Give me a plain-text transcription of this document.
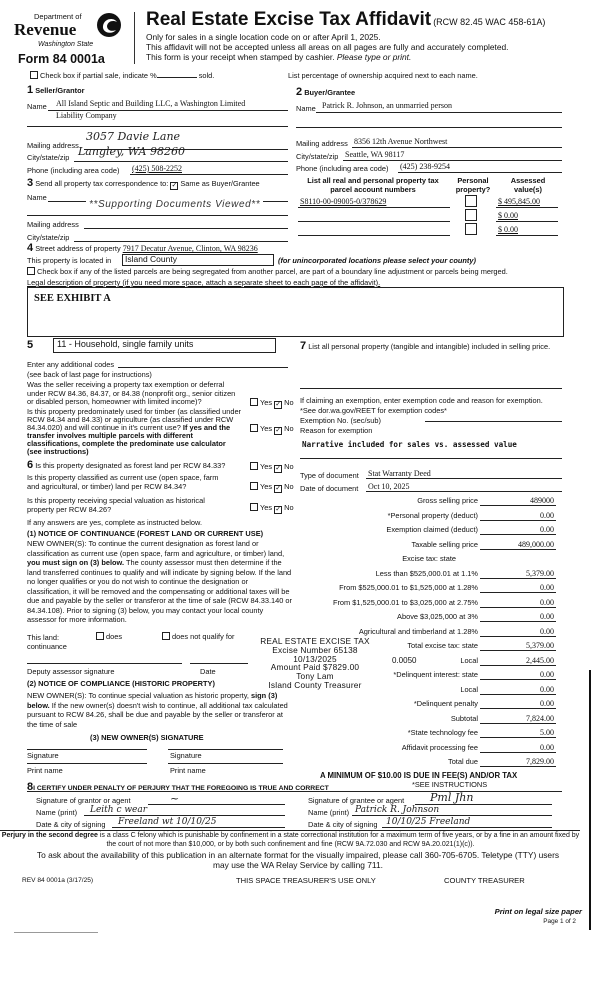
Department of
Revenue
Washington State
Form 84 0001a
Real Estate Excise Tax Affidavit (RCW 82.45 WAC 458-61A)
Only for sales in a single location code on or after April 1, 2025.
This affidavit will not be accepted unless all areas on all pages are fully and accurately completed.
This form is your receipt when stamped by cashier. Please type or print.
Check box if partial sale, indicate %	sold.	List percentage of ownership acquired next to each name.
1 Seller/Grantor
Name All Island Septic and Building LLC, a Washington Limited
Liability Company
Mailing address
3057 Davie Lane
City/state/zip Langley, WA 98260
Phone (including area code) (425) 508-2252
2 Buyer/Grantee
Name Patrick R. Johnson, an unmarried person
Mailing address 8356 12th Avenue Northwest
City/state/zip Seattle, WA 98117
Phone (including area code) (425) 238-9254
3 Send all property tax correspondence to: ✓ Same as Buyer/Grantee
Name
**Supporting Documents Viewed**
Mailing address
City/state/zip
List all real and personal property tax parcel account numbers
Personal property?
Assessed value(s)
S8110-00-09005-0/378629	$ 495,845.00
$ 0.00
$ 0.00
4 Street address of property 7917 Decatur Avenue, Clinton, WA 98236
This property is located in	Island County	(for unincorporated locations please select your county)
Check box if any of the listed parcels are being segregated from another parcel, are part of a boundary line adjustment or parcels being merged.
Legal description of property (if you need more space, attach a separate sheet to each page of the affidavit).
SEE EXHIBIT A
5	11 - Household, single family units
Enter any additional codes
(see back of last page for instructions)
Was the seller receiving a property tax exemption or deferral under RCW 84.36, 84.37, or 84.38 (nonprofit org., senior citizen or disabled person, homeowner with limited income)?	Yes ✓ No
Is this property predominately used for timber (as classified under RCW 84.34 and 84.33) or agriculture (as classified under RCW 84.34.020) and will continue in it's current use? If yes and the transfer involves multiple parcels with different classifications, complete the predominate use calculator (see instructions)
Yes ✓ No
7 List all personal property (tangible and intangible) included in selling price.
If claiming an exemption, enter exemption code and reason for exemption. *See dor.wa.gov/REET for exemption codes*
Exemption No. (sec/sub)
Reason for exemption
Narrative included for sales vs. assessed value
Type of document Stat Warranty Deed
Date of document Oct 10, 2025
Gross selling price	489000
*Personal property (deduct)	0.00
Exemption claimed (deduct)	0.00
Taxable selling price	489,000.00
Excise tax: state
Less than $525,000.01 at 1.1%	5,379.00
From $525,000.01 to $1,525,000 at 1.28%	0.00
From $1,525,000.01 to $3,025,000 at 2.75%	0.00
Above $3,025,000 at 3%	0.00
Agricultural and timberland at 1.28%	0.00
Total excise tax: state	5,379.00
Local	2,445.00
*Delinquent interest: state	0.00
Local	0.00
*Delinquent penalty	0.00
Subtotal	7,824.00
*State technology fee	5.00
Affidavit processing fee	0.00
Total due	7,829.00
0.0050
A MINIMUM OF $10.00 IS DUE IN FEE(S) AND/OR TAX
*SEE INSTRUCTIONS
6 Is this property designated as forest land per RCW 84.33?	Yes ✓ No
Is this property classified as current use (open space, farm and agricultural, or timber) land per RCW 84.34?	Yes ✓ No
Is this property receiving special valuation as historical property per RCW 84.26?	Yes ✓ No
If any answers are yes, complete as instructed below.
(1) NOTICE OF CONTINUANCE (FOREST LAND OR CURRENT USE)
NEW OWNER(S): To continue the current designation as forest land or classification as current use (open space, farm and agriculture, or timber) land, you must sign on (3) below. The county assessor must then determine if the land transferred continues to qualify and will indicate by signing below. If the land no longer qualifies or you do not wish to continue the designation or classification, it will be removed and the compensating or additional taxes will be due and payable by the seller or transferor at the time of sale (RCW 84.33.140 or 84.34.108). Prior to signing (3) below, you may contact your local county assessor for more information.
This land:
continuance
does	does not qualify for
Deputy assessor signature	Date
(2) NOTICE OF COMPLIANCE (HISTORIC PROPERTY)
NEW OWNER(S): To continue special valuation as historic property, sign (3) below. If the new owner(s) doesn't wish to continue, all additional tax calculated pursuant to RCW 84.26, shall be due and payable by the seller or transferor at the time of sale
(3) NEW OWNER(S) SIGNATURE
Signature	Signature
Print name	Print name
REAL ESTATE EXCISE TAX
Excise Number 65138
10/13/2025
Amount Paid $7829.00
Tony Lam
Island County Treasurer
8I CERTIFY UNDER PENALTY OF PERJURY THAT THE FOREGOING IS TRUE AND CORRECT
Signature of grantor or agent	~
Name (print) Leith c wear
Date & city of signing Freeland wt 10/10/25
Signature of grantee or agent Pml Jhn
Name (print) Patrick R. Johnson
Date & city of signing 10/10/25 Freeland
Perjury in the second degree is a class C felony which is punishable by confinement in a state correctional institution for a maximum term of five years, or by a fine in an amount fixed by the court of not more than $10,000, or by both such confinement and fine (RCW 9A.72.030 and RCW 9A.20.021(1)(c)).
To ask about the availability of this publication in an alternate format for the visually impaired, please call 360-705-6705. Teletype (TTY) users may use the WA Relay Service by calling 711.
REV 84 0001a (3/17/25)	THIS SPACE TREASURER'S USE ONLY	COUNTY TREASURER
Print on legal size paper
Page 1 of 2
